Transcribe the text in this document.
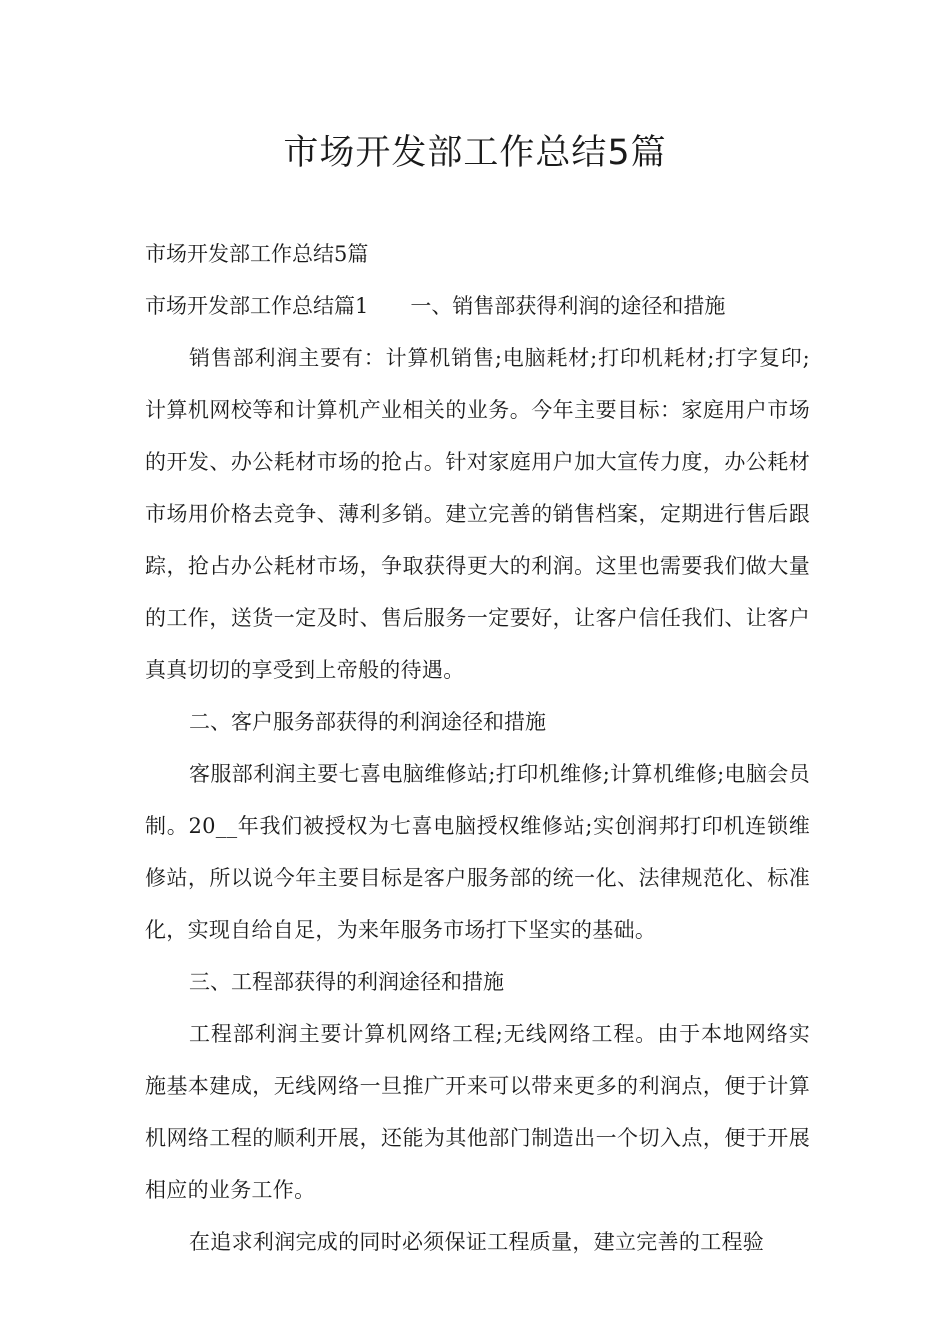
市场开发部工作总结5篇

市场开发部工作总结5篇

市场开发部工作总结篇1　　一、销售部获得利润的途径和措施

销售部利润主要有：计算机销售;电脑耗材;打印机耗材;打字复印;计算机网校等和计算机产业相关的业务。今年主要目标：家庭用户市场的开发、办公耗材市场的抢占。针对家庭用户加大宣传力度，办公耗材市场用价格去竞争、薄利多销。建立完善的销售档案，定期进行售后跟踪，抢占办公耗材市场，争取获得更大的利润。这里也需要我们做大量的工作，送货一定及时、售后服务一定要好，让客户信任我们、让客户真真切切的享受到上帝般的待遇。

二、客户服务部获得的利润途径和措施

客服部利润主要七喜电脑维修站;打印机维修;计算机维修;电脑会员制。20__年我们被授权为七喜电脑授权维修站;实创润邦打印机连锁维修站，所以说今年主要目标是客户服务部的统一化、法律规范化、标准化，实现自给自足，为来年服务市场打下坚实的基础。

三、工程部获得的利润途径和措施

工程部利润主要计算机网络工程;无线网络工程。由于本地网络实施基本建成，无线网络一旦推广开来可以带来更多的利润点，便于计算机网络工程的顺利开展，还能为其他部门制造出一个切入点，便于开展相应的业务工作。

在追求利润完成的同时必须保证工程质量，建立完善的工程验
